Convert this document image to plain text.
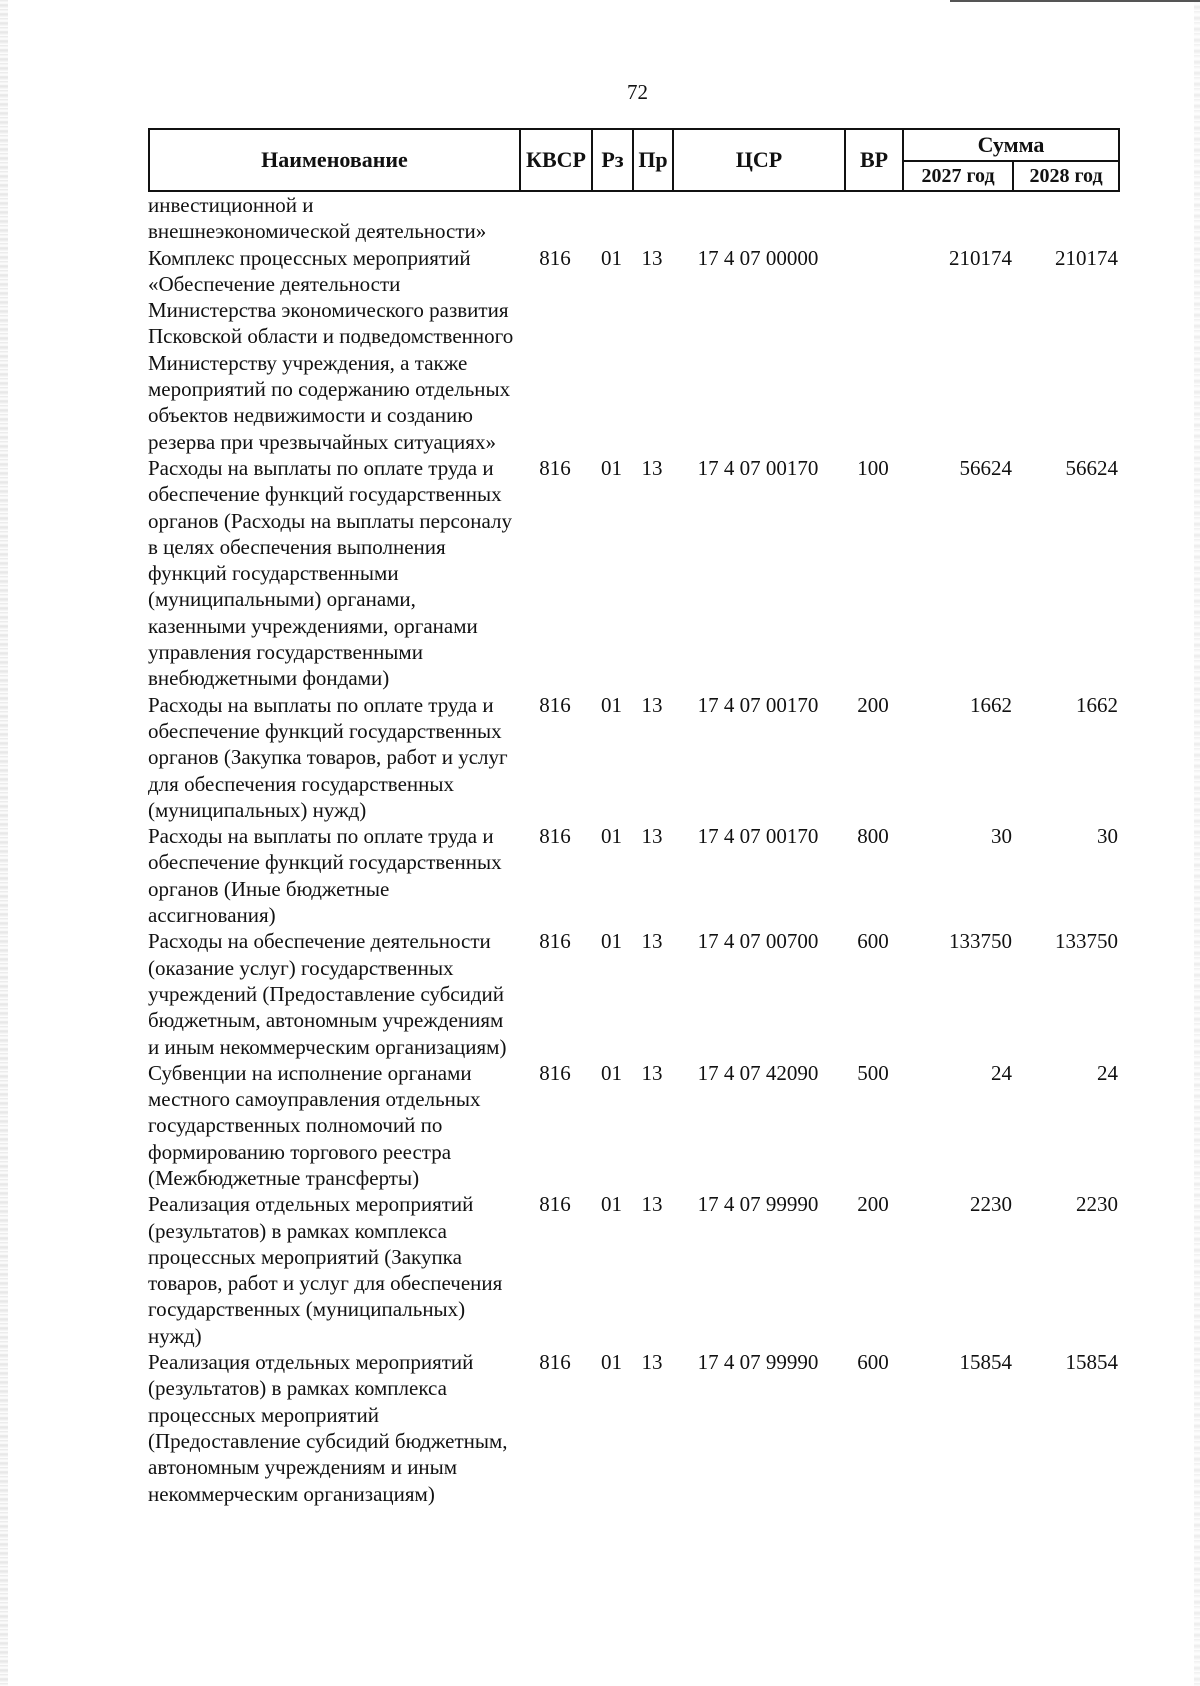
72
Наименование	КВСР	Рз	Пр	ЦСР	ВР	Сумма	
						2027 год	2028 год
инвестиционной и внешнеэкономической деятельности»							
Комплекс процессных мероприятий «Обеспечение деятельности Министерства экономического развития Псковской области и подведомственного Министерству учреждения, а также мероприятий по содержанию отдельных объектов недвижимости и созданию резерва при чрезвычайных ситуациях»	816	01	13	17 4 07 00000		210174	210174
Расходы на выплаты по оплате труда и обеспечение функций государственных органов (Расходы на выплаты персоналу в целях обеспечения выполнения функций государственными (муниципальными) органами, казенными учреждениями, органами управления государственными внебюджетными фондами)	816	01	13	17 4 07 00170	100	56624	56624
Расходы на выплаты по оплате труда и обеспечение функций государственных органов (Закупка товаров, работ и услуг для обеспечения государственных (муниципальных) нужд)	816	01	13	17 4 07 00170	200	1662	1662
Расходы на выплаты по оплате труда и обеспечение функций государственных органов (Иные бюджетные ассигнования)	816	01	13	17 4 07 00170	800	30	30
Расходы на обеспечение деятельности (оказание услуг) государственных учреждений (Предоставление субсидий бюджетным, автономным учреждениям и иным некоммерческим организациям)	816	01	13	17 4 07 00700	600	133750	133750
Субвенции на исполнение органами местного самоуправления отдельных государственных полномочий по формированию торгового реестра (Межбюджетные трансферты)	816	01	13	17 4 07 42090	500	24	24
Реализация отдельных мероприятий (результатов) в рамках комплекса процессных мероприятий (Закупка товаров, работ и услуг для обеспечения государственных (муниципальных) нужд)	816	01	13	17 4 07 99990	200	2230	2230
Реализация отдельных мероприятий (результатов) в рамках комплекса процессных мероприятий (Предоставление субсидий бюджетным, автономным учреждениям и иным некоммерческим организациям)	816	01	13	17 4 07 99990	600	15854	15854
